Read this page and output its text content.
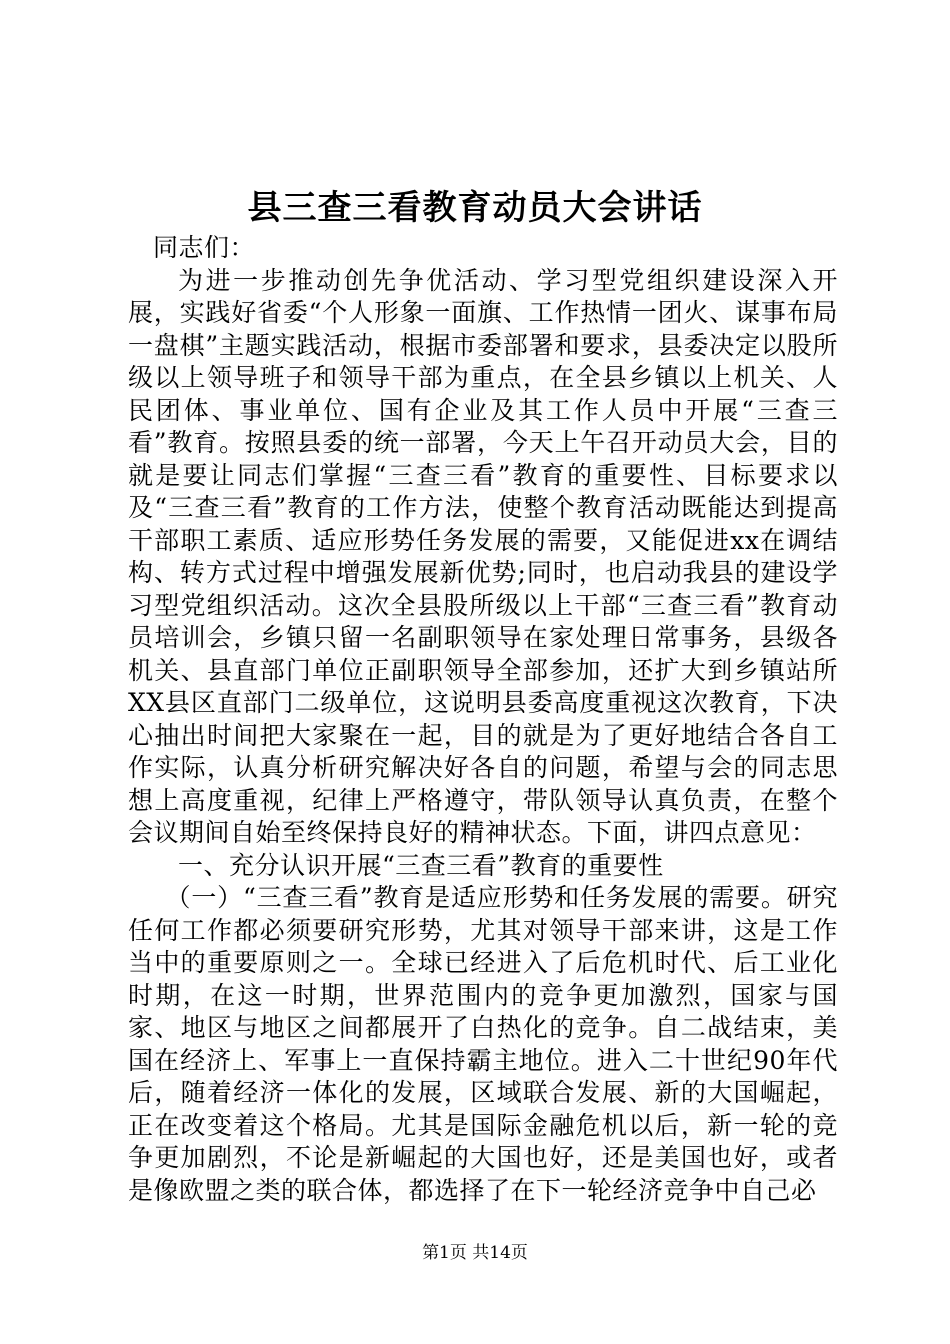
县三查三看教育动员大会讲话

同志们：

为进一步推动创先争优活动、学习型党组织建设深入开展，实践好省委“个人形象一面旗、工作热情一团火、谋事布局一盘棋”主题实践活动，根据市委部署和要求，县委决定以股所级以上领导班子和领导干部为重点，在全县乡镇以上机关、人民团体、事业单位、国有企业及其工作人员中开展“三查三看”教育。按照县委的统一部署，今天上午召开动员大会，目的就是要让同志们掌握“三查三看”教育的重要性、目标要求以及“三查三看”教育的工作方法，使整个教育活动既能达到提高干部职工素质、适应形势任务发展的需要，又能促进xx在调结构、转方式过程中增强发展新优势;同时，也启动我县的建设学习型党组织活动。这次全县股所级以上干部“三查三看”教育动员培训会，乡镇只留一名副职领导在家处理日常事务，县级各机关、县直部门单位正副职领导全部参加，还扩大到乡镇站所XX县区直部门二级单位，这说明县委高度重视这次教育，下决心抽出时间把大家聚在一起，目的就是为了更好地结合各自工作实际，认真分析研究解决好各自的问题，希望与会的同志思想上高度重视，纪律上严格遵守，带队领导认真负责，在整个会议期间自始至终保持良好的精神状态。下面，讲四点意见：

一、充分认识开展“三查三看”教育的重要性

（一）“三查三看”教育是适应形势和任务发展的需要。研究任何工作都必须要研究形势，尤其对领导干部来讲，这是工作当中的重要原则之一。全球已经进入了后危机时代、后工业化时期，在这一时期，世界范围内的竞争更加激烈，国家与国家、地区与地区之间都展开了白热化的竞争。自二战结束，美国在经济上、军事上一直保持霸主地位。进入二十世纪90年代后，随着经济一体化的发展，区域联合发展、新的大国崛起，正在改变着这个格局。尤其是国际金融危机以后，新一轮的竞争更加剧烈，不论是新崛起的大国也好，还是美国也好，或者是像欧盟之类的联合体，都选择了在下一轮经济竞争中自己必

第1页 共14页
